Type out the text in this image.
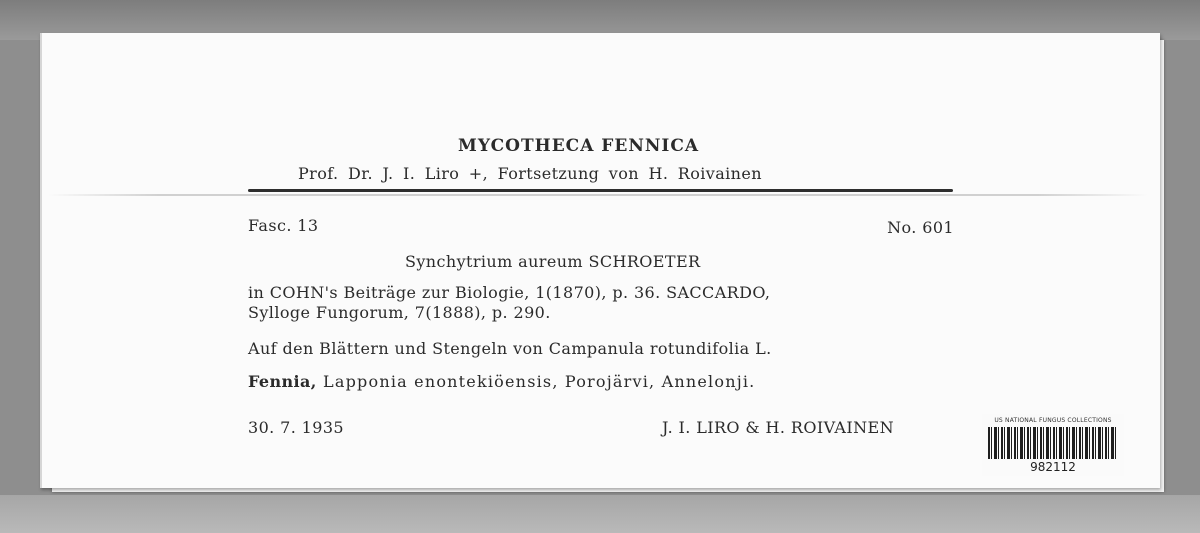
MYCOTHECA FENNICA
Prof. Dr. J. I. Liro +, Fortsetzung von H. Roivainen
Fasc. 13	No. 601
Synchytrium aureum SCHROETER
in COHN's Beiträge zur Biologie, 1(1870), p. 36. SACCARDO,
Sylloge Fungorum, 7(1888), p. 290.
Auf den Blättern und Stengeln von Campanula rotundifolia L.
Fennia, Lapponia enontekiöensis, Porojärvi, Annelonji.
30. 7. 1935	J. I. LIRO & H. ROIVAINEN	US NATIONAL FUNGUS COLLECTIONS
982112
